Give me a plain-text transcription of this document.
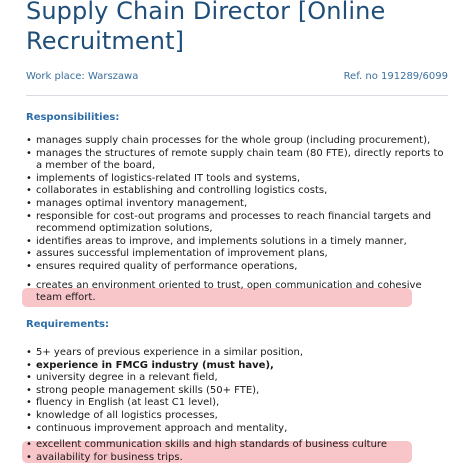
Supply Chain Director [Online Recruitment]
Work place: Warszawa	Ref. no 191289/6099
Responsibilities:
• manages supply chain processes for the whole group (including procurement),
• manages the structures of remote supply chain team (80 FTE), directly reports to a member of the board,
• implements of logistics-related IT tools and systems,
• collaborates in establishing and controlling logistics costs,
• manages optimal inventory management,
• responsible for cost-out programs and processes to reach financial targets and recommend optimization solutions,
• identifies areas to improve, and implements solutions in a timely manner,
• assures successful implementation of improvement plans,
• ensures required quality of performance operations,
• creates an environment oriented to trust, open communication and cohesive team effort.
Requirements:
• 5+ years of previous experience in a similar position,
• experience in FMCG industry (must have),
• university degree in a relevant field,
• strong people management skills (50+ FTE),
• fluency in English (at least C1 level),
• knowledge of all logistics processes,
• continuous improvement approach and mentality,
• excellent communication skills and high standards of business culture
• availability for business trips.
